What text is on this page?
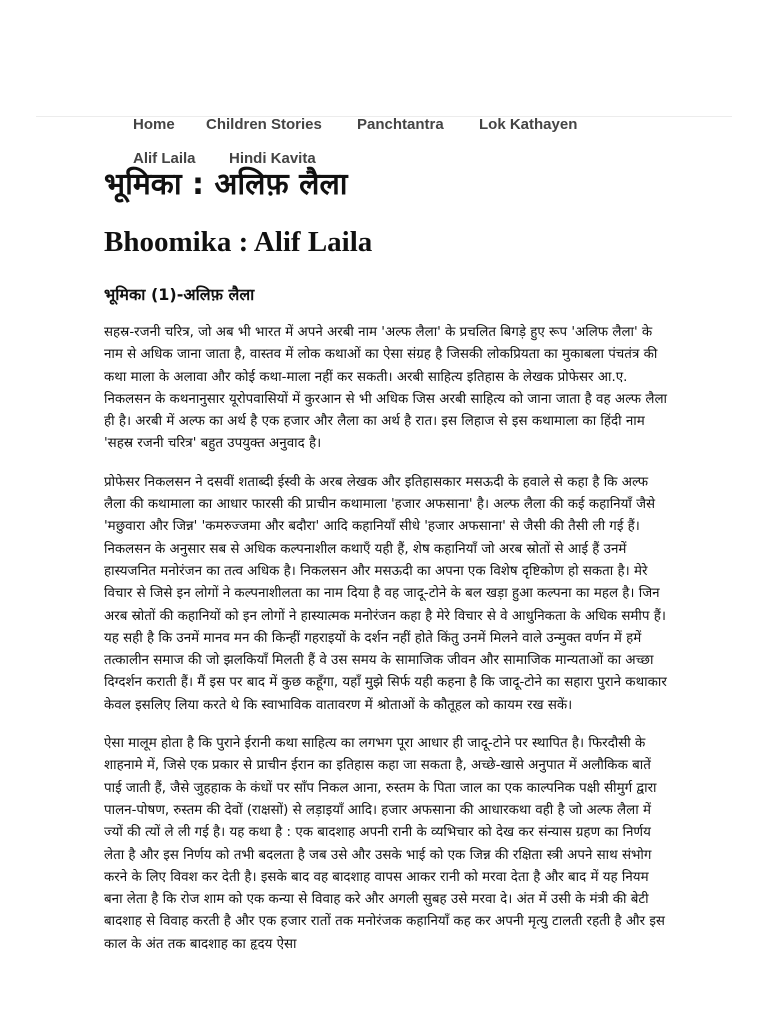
Home Children Stories Panchtantra Lok Kathayen
Alif Laila Hindi Kavita
भूमिका : अलिफ़ लैला
Bhoomika : Alif Laila
भूमिका (1)-अलिफ़ लैला

सहस्र-रजनी चरित्र, जो अब भी भारत में अपने अरबी नाम 'अल्फ लैला' के प्रचलित बिगड़े हुए रूप 'अलिफ लैला' के नाम से अधिक जाना जाता है, वास्तव में लोक कथाओं का ऐसा संग्रह है जिसकी लोकप्रियता का मुकाबला पंचतंत्र की कथा माला के अलावा और कोई कथा-माला नहीं कर सकती। अरबी साहित्य इतिहास के लेखक प्रोफेसर आ.ए. निकलसन के कथनानुसार यूरोपवासियों में कुरआन से भी अधिक जिस अरबी साहित्य को जाना जाता है वह अल्फ लैला ही है। अरबी में अल्फ का अर्थ है एक हजार और लैला का अर्थ है रात। इस लिहाज से इस कथामाला का हिंदी नाम 'सहस्र रजनी चरित्र' बहुत उपयुक्त अनुवाद है।

प्रोफेसर निकलसन ने दसवीं शताब्दी ईस्वी के अरब लेखक और इतिहासकार मसऊदी के हवाले से कहा है कि अल्फ लैला की कथामाला का आधार फारसी की प्राचीन कथामाला 'हजार अफसाना' है। अल्फ लैला की कई कहानियाँ जैसे 'मछुवारा और जिन्न' 'कमरुज्जमा और बदौरा' आदि कहानियाँ सीधे 'हजार अफसाना' से जैसी की तैसी ली गई हैं। निकलसन के अनुसार सब से अधिक कल्पनाशील कथाएँ यही हैं, शेष कहानियाँ जो अरब स्रोतों से आई हैं उनमें हास्यजनित मनोरंजन का तत्व अधिक है। निकलसन और मसऊदी का अपना एक विशेष दृष्टिकोण हो सकता है। मेरे विचार से जिसे इन लोगों ने कल्पनाशीलता का नाम दिया है वह जादू-टोने के बल खड़ा हुआ कल्पना का महल है। जिन अरब स्रोतों की कहानियों को इन लोगों ने हास्यात्मक मनोरंजन कहा है मेरे विचार से वे आधुनिकता के अधिक समीप हैं। यह सही है कि उनमें मानव मन की किन्हीं गहराइयों के दर्शन नहीं होते किंतु उनमें मिलने वाले उन्मुक्त वर्णन में हमें तत्कालीन समाज की जो झलकियाँ मिलती हैं वे उस समय के सामाजिक जीवन और सामाजिक मान्यताओं का अच्छा दिग्दर्शन कराती हैं। मैं इस पर बाद में कुछ कहूँगा, यहाँ मुझे सिर्फ यही कहना है कि जादू-टोने का सहारा पुराने कथाकार केवल इसलिए लिया करते थे कि स्वाभाविक वातावरण में श्रोताओं के कौतूहल को कायम रख सकें।

ऐसा मालूम होता है कि पुराने ईरानी कथा साहित्य का लगभग पूरा आधार ही जादू-टोने पर स्थापित है। फिरदौसी के शाहनामे में, जिसे एक प्रकार से प्राचीन ईरान का इतिहास कहा जा सकता है, अच्छे-खासे अनुपात में अलौकिक बातें पाई जाती हैं, जैसे जुहहाक के कंधों पर साँप निकल आना, रुस्तम के पिता जाल का एक काल्पनिक पक्षी सीमुर्ग द्वारा पालन-पोषण, रुस्तम की देवों (राक्षसों) से लड़ाइयाँ आदि। हजार अफसाना की आधारकथा वही है जो अल्फ लैला में ज्यों की त्यों ले ली गई है। यह कथा है : एक बादशाह अपनी रानी के व्यभिचार को देख कर संन्यास ग्रहण का निर्णय लेता है और इस निर्णय को तभी बदलता है जब उसे और उसके भाई को एक जिन्न की रक्षिता स्त्री अपने साथ संभोग करने के लिए विवश कर देती है। इसके बाद वह बादशाह वापस आकर रानी को मरवा देता है और बाद में यह नियम बना लेता है कि रोज शाम को एक कन्या से विवाह करे और अगली सुबह उसे मरवा दे। अंत में उसी के मंत्री की बेटी बादशाह से विवाह करती है और एक हजार रातों तक मनोरंजक कहानियाँ कह कर अपनी मृत्यु टालती रहती है और इस काल के अंत तक बादशाह का हृदय ऐसा
